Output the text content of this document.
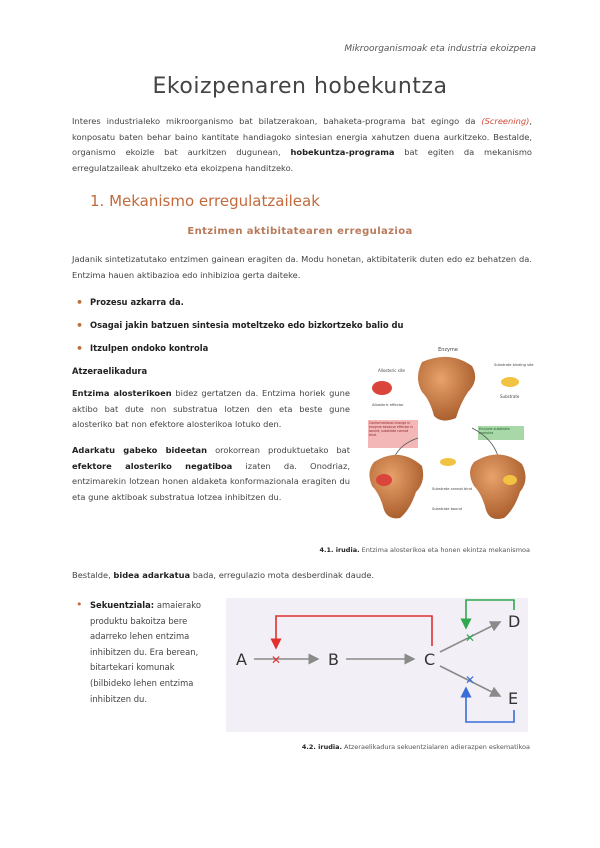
Mikroorganismoak eta industria ekoizpena
Ekoizpenaren hobekuntza
Interes industrialeko mikroorganismo bat bilatzerakoan, bahaketa-programa bat egingo da (Screening), konposatu baten behar baino kantitate handiagoko sintesian energia xahutzen duena aurkitzeko. Bestalde, organismo ekoizle bat aurkitzen dugunean, hobekuntza-programa bat egiten da mekanismo erregulatzaileak ahultzeko eta ekoizpena handitzeko.
1. Mekanismo erregulatzaileak
Entzimen aktibitatearen erregulazioa
Jadanik sintetizatutako entzimen gainean eragiten da. Modu honetan, aktibitaterik duten edo ez behatzen da. Entzima hauen aktibazioa edo inhibizioa gerta daiteke.
• Prozesu azkarra da.
• Osagai jakin batzuen sintesia moteltzeko edo bizkortzeko balio du
• Itzulpen ondoko kontrola
Atzeraelikadura
Entzima alosterikoen bidez gertatzen da. Entzima horiek gune aktibo bat dute non substratua lotzen den eta beste gune alosteriko bat non efektore alosterikoa lotuko den.
Adarkatu gabeko bideetan orokorrean produktuetako bat efektore alosteriko negatiboa izaten da. Onodriaz, entzimarekin lotzean honen aldaketa konformazionala eragiten du eta gune aktiboak substratua lotzea inhibitzen du.
Enzyme
Allosteric site
Substrate binding site
Allosteric effector
Substrate
Conformational change in enzyme because effector is bound; substrate cannot bind.
Enzyme-substrate complex
Substrate cannot bind
Substrate bound
4.1. irudia. Entzima alosterikoa eta honen ekintza mekanismoa
Bestalde, bidea adarkatua bada, erregulazio mota desberdinak daude.
• Sekuentziala: amaierako produktu bakoitza bere adarreko lehen entzima inhibitzen du. Era berean, bitartekari komunak (bilbideko lehen entzima inhibitzen du.
A	B	C
D
E
✕
✕
✕
4.2. irudia. Atzeraelikadura sekuentzialaren adierazpen eskematikoa
